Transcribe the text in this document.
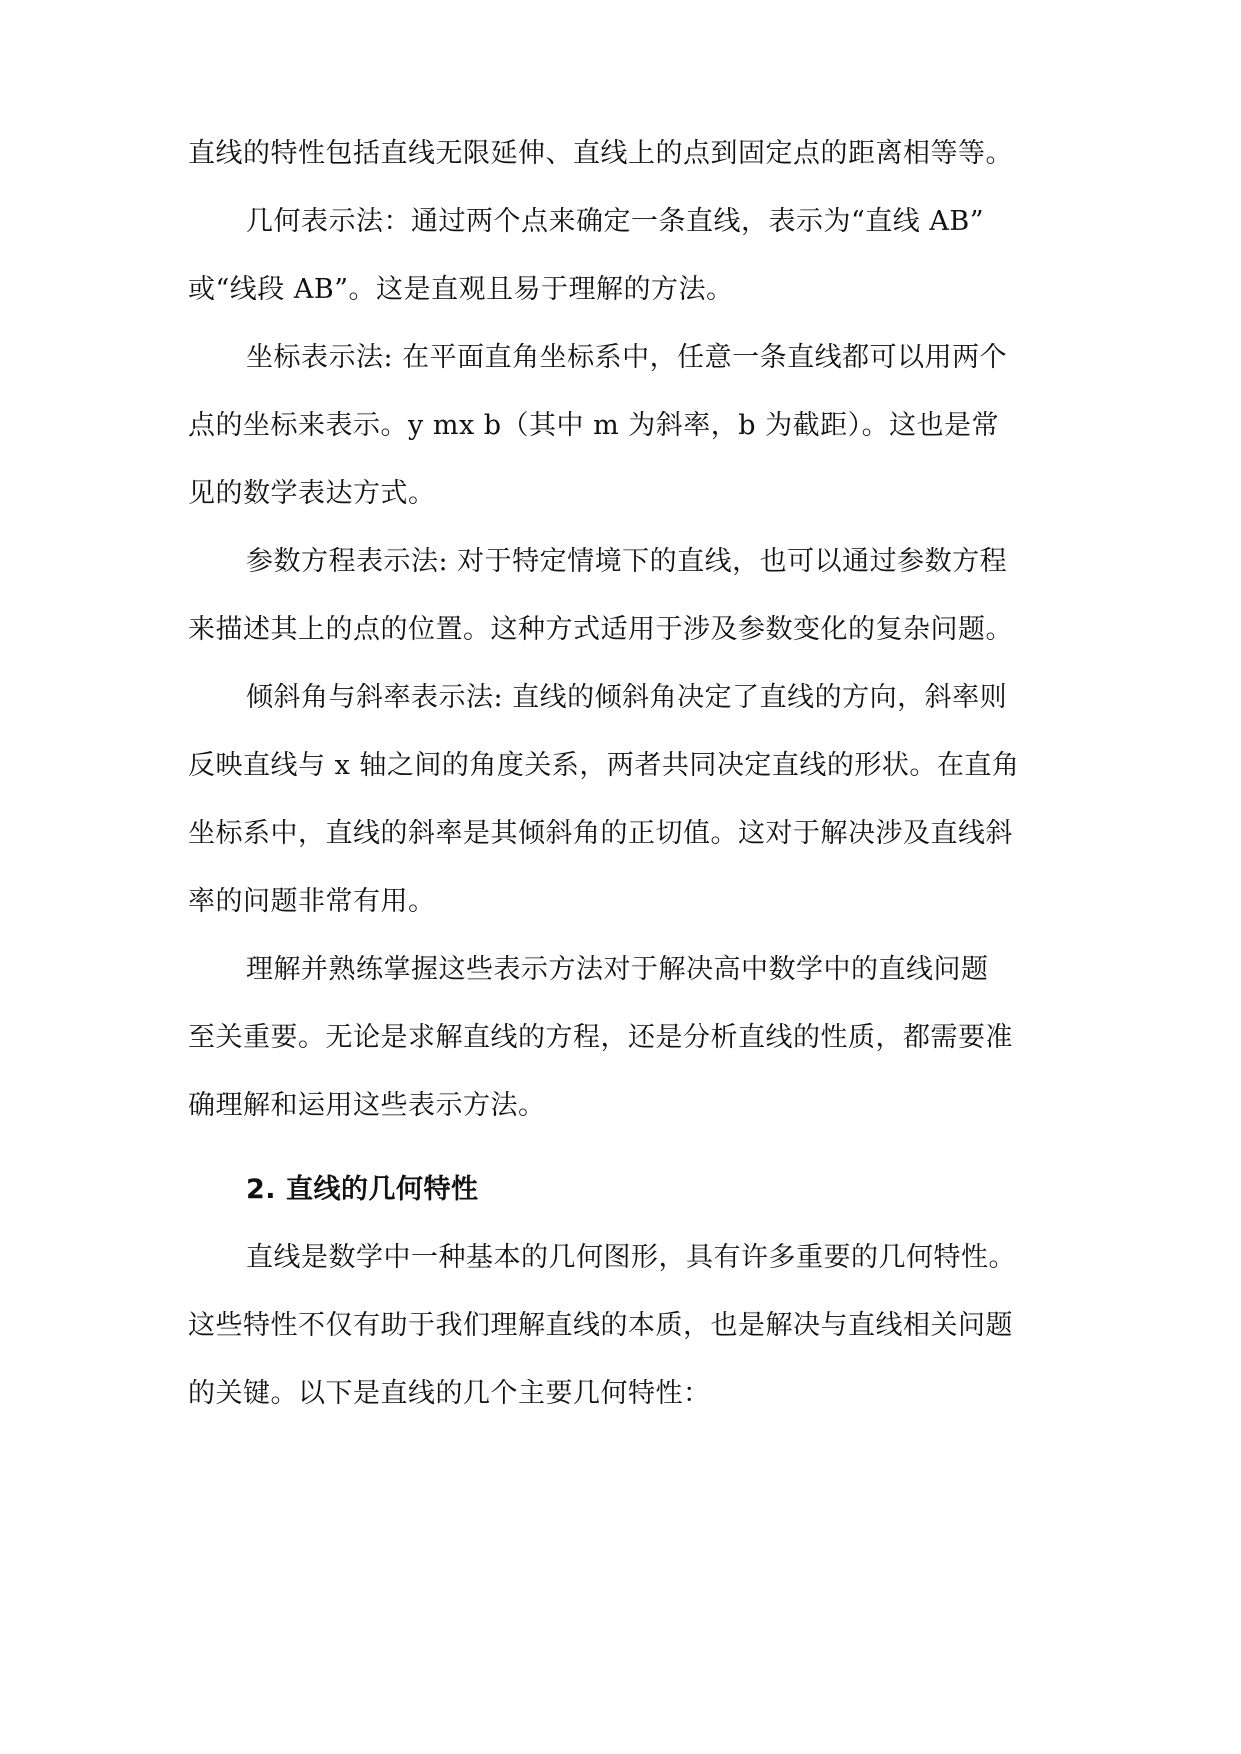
直线的特性包括直线无限延伸、直线上的点到固定点的距离相等等。
几何表示法：通过两个点来确定一条直线，表示为“直线 AB”
或“线段 AB”。这是直观且易于理解的方法。
坐标表示法: 在平面直角坐标系中，任意一条直线都可以用两个
点的坐标来表示。y mx b（其中 m 为斜率，b 为截距）。这也是常
见的数学表达方式。
参数方程表示法: 对于特定情境下的直线，也可以通过参数方程
来描述其上的点的位置。这种方式适用于涉及参数变化的复杂问题。
倾斜角与斜率表示法: 直线的倾斜角决定了直线的方向，斜率则
反映直线与 x 轴之间的角度关系，两者共同决定直线的形状。在直角
坐标系中，直线的斜率是其倾斜角的正切值。这对于解决涉及直线斜
率的问题非常有用。
理解并熟练掌握这些表示方法对于解决高中数学中的直线问题
至关重要。无论是求解直线的方程，还是分析直线的性质，都需要准
确理解和运用这些表示方法。
2. 直线的几何特性
直线是数学中一种基本的几何图形，具有许多重要的几何特性。
这些特性不仅有助于我们理解直线的本质，也是解决与直线相关问题
的关键。以下是直线的几个主要几何特性：
